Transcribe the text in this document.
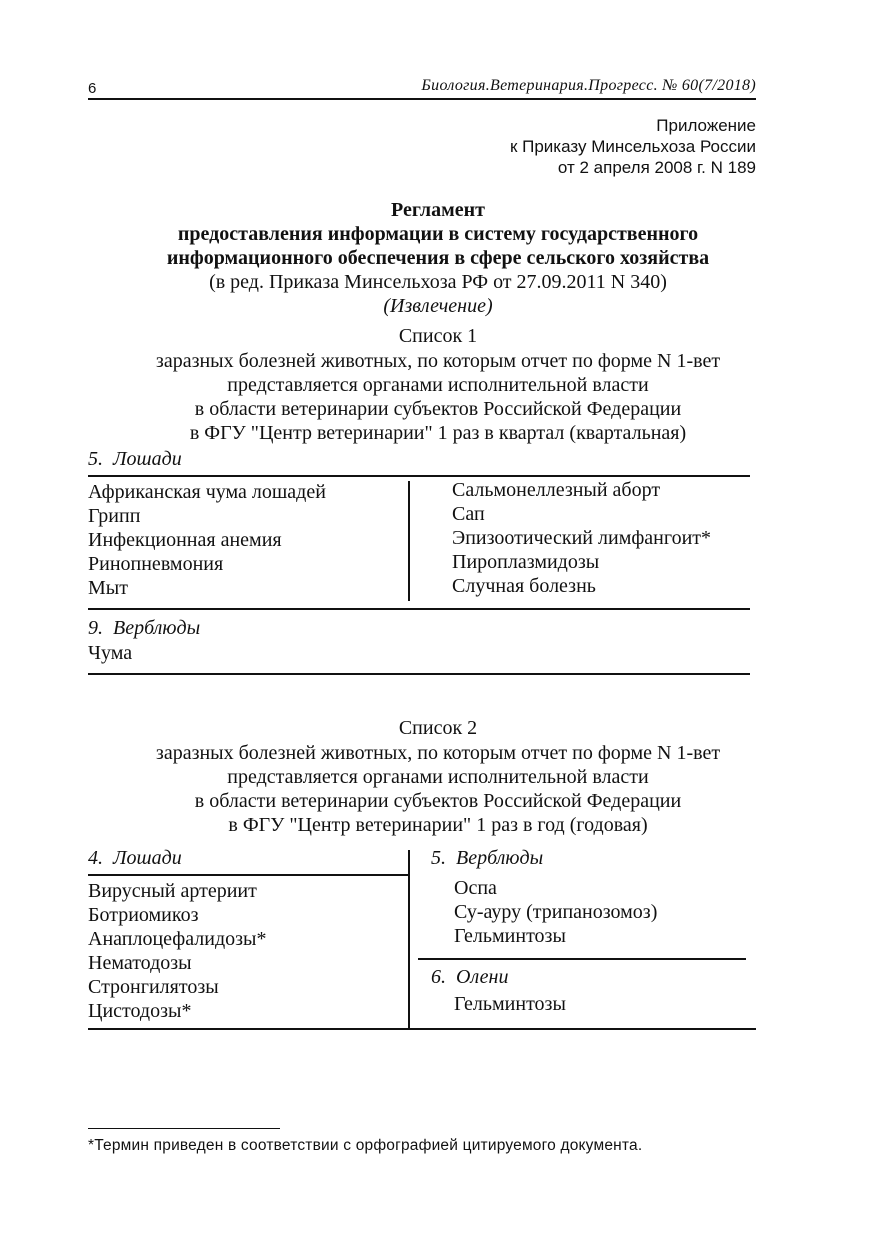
6	Биология.Ветеринария.Прогресс. № 60(7/2018)
Приложение
к Приказу Минсельхоза России
от 2 апреля 2008 г. N 189
Регламент
предоставления информации в систему государственного
информационного обеспечения в сфере сельского хозяйства
(в ред. Приказа Минсельхоза РФ от 27.09.2011 N 340)
(Извлечение)
Список 1
заразных болезней животных, по которым отчет по форме N 1-вет
представляется органами исполнительной власти
в области ветеринарии субъектов Российской Федерации
в ФГУ "Центр ветеринарии" 1 раз в квартал (квартальная)
5.  Лошади
Африканская чума лошадей
Грипп
Инфекционная анемия
Ринопневмония
Мыт
Сальмонеллезный аборт
Сап
Эпизоотический лимфангоит*
Пироплазмидозы
Случная болезнь
9.  Верблюды
Чума
Список 2
заразных болезней животных, по которым отчет по форме N 1-вет
представляется органами исполнительной власти
в области ветеринарии субъектов Российской Федерации
в ФГУ "Центр ветеринарии" 1 раз в год (годовая)
4.  Лошади	5.  Верблюды
Вирусный артериит
Ботриомикоз
Анаплоцефалидозы*
Нематодозы
Стронгилятозы
Цистодозы*
Оспа
Су-ауру (трипанозомоз)
Гельминтозы
6.  Олени
Гельминтозы
*Термин приведен в соответствии с орфографией цитируемого документа.
